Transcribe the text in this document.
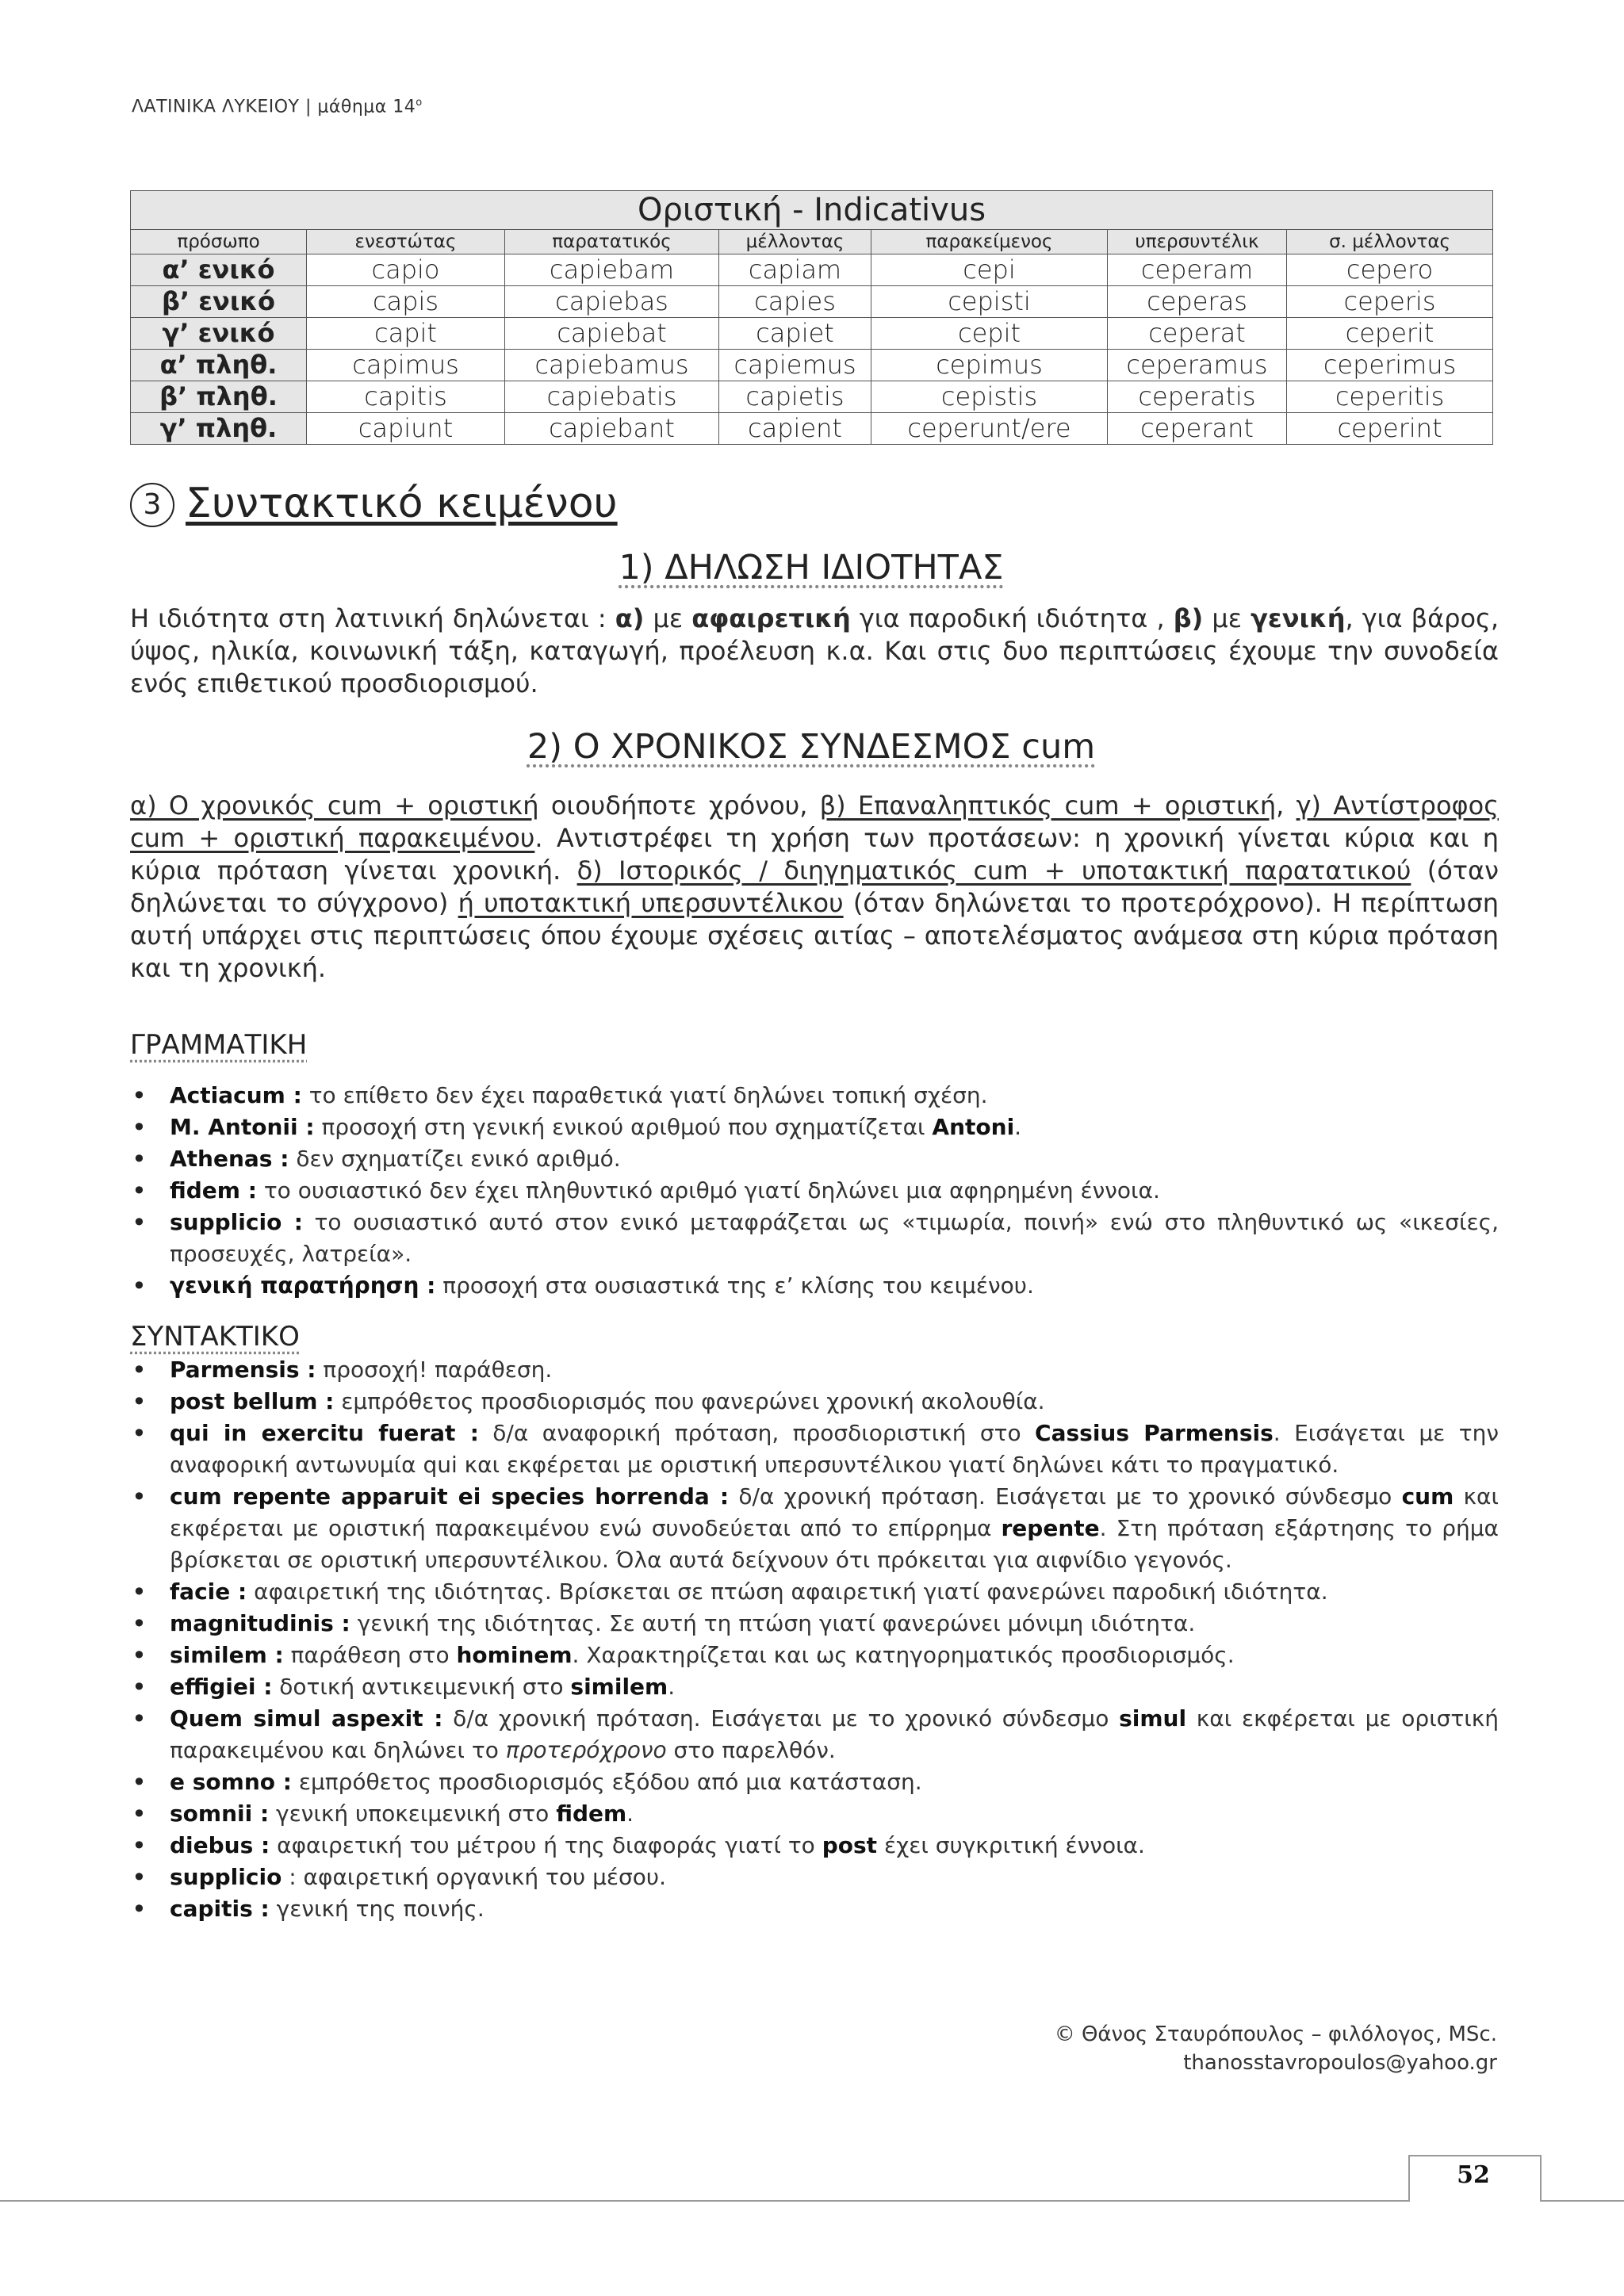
ΛΑΤΙΝΙΚΑ ΛΥΚΕΙΟΥ | μάθημα $14^o$
Οριστική - Indicativus						
πρόσωπο	ενεστώτας	παρατατικός	μέλλοντας	παρακείμενος	υπερσυντέλικ	σ. μέλλοντας
α’ ενικό	capio	capiebam	capiam	cepi	ceperam	cepero
β’ ενικό	capis	capiebas	capies	cepisti	ceperas	ceperis
γ’ ενικό	capit	capiebat	capiet	cepit	ceperat	ceperit
α’ πληθ.	capimus	capiebamus	capiemus	cepimus	ceperamus	ceperimus
β’ πληθ.	capitis	capiebatis	capietis	cepistis	ceperatis	ceperitis
γ’ πληθ.	capiunt	capiebant	capient	ceperunt/ere	ceperant	ceperint
3 Συντακτικό κειμένου
1) ΔΗΛΩΣΗ ΙΔΙΟΤΗΤΑΣ
Η ιδιότητα στη λατινική δηλώνεται : α) με αφαιρετική για παροδική ιδιότητα , β) με γενική, για βάρος, ύψος, ηλικία, κοινωνική τάξη, καταγωγή, προέλευση κ.α. Και στις δυο περιπτώσεις έχουμε την συνοδεία ενός επιθετικού προσδιορισμού.
2) Ο ΧΡΟΝΙΚΟΣ ΣΥΝΔΕΣΜΟΣ cum
α) Ο χρονικός cum + οριστική οιουδήποτε χρόνου, β) Επαναληπτικός cum + οριστική, γ) Αντίστροφος cum + οριστική παρακειμένου. Αντιστρέφει τη χρήση των προτάσεων: η χρονική γίνεται κύρια και η κύρια πρόταση γίνεται χρονική. δ) Ιστορικός / διηγηματικός cum + υποτακτική παρατατικού (όταν δηλώνεται το σύγχρονο) ή υποτακτική υπερσυντέλικου (όταν δηλώνεται το προτερόχρονο). Η περίπτωση αυτή υπάρχει στις περιπτώσεις όπου έχουμε σχέσεις αιτίας – αποτελέσματος ανάμεσα στη κύρια πρόταση και τη χρονική.
ΓΡΑΜΜΑΤΙΚΗ
• Actiacum : το επίθετο δεν έχει παραθετικά γιατί δηλώνει τοπική σχέση.
• M. Antonii : προσοχή στη γενική ενικού αριθμού που σχηματίζεται Antoni.
• Athenas : δεν σχηματίζει ενικό αριθμό.
• fidem : το ουσιαστικό δεν έχει πληθυντικό αριθμό γιατί δηλώνει μια αφηρημένη έννοια.
• supplicio : το ουσιαστικό αυτό στον ενικό μεταφράζεται ως «τιμωρία, ποινή» ενώ στο πληθυντικό ως «ικεσίες, προσευχές, λατρεία».
• γενική παρατήρηση : προσοχή στα ουσιαστικά της ε’ κλίσης του κειμένου.
ΣΥΝΤΑΚΤΙΚΟ
• Parmensis : προσοχή! παράθεση.
• post bellum : εμπρόθετος προσδιορισμός που φανερώνει χρονική ακολουθία.
• qui in exercitu fuerat : δ/α αναφορική πρόταση, προσδιοριστική στο Cassius Parmensis. Εισάγεται με την αναφορική αντωνυμία qui και εκφέρεται με οριστική υπερσυντέλικου γιατί δηλώνει κάτι το πραγματικό.
• cum repente apparuit ei species horrenda : δ/α χρονική πρόταση. Εισάγεται με το χρονικό σύνδεσμο cum και εκφέρεται με οριστική παρακειμένου ενώ συνοδεύεται από το επίρρημα repente. Στη πρόταση εξάρτησης το ρήμα βρίσκεται σε οριστική υπερσυντέλικου. Όλα αυτά δείχνουν ότι πρόκειται για αιφνίδιο γεγονός.
• facie : αφαιρετική της ιδιότητας. Βρίσκεται σε πτώση αφαιρετική γιατί φανερώνει παροδική ιδιότητα.
• magnitudinis : γενική της ιδιότητας. Σε αυτή τη πτώση γιατί φανερώνει μόνιμη ιδιότητα.
• similem : παράθεση στο hominem. Χαρακτηρίζεται και ως κατηγορηματικός προσδιορισμός.
• effigiei : δοτική αντικειμενική στο similem.
• Quem simul aspexit : δ/α χρονική πρόταση. Εισάγεται με το χρονικό σύνδεσμο simul και εκφέρεται με οριστική παρακειμένου και δηλώνει το προτερόχρονο στο παρελθόν.
• e somno : εμπρόθετος προσδιορισμός εξόδου από μια κατάσταση.
• somnii : γενική υποκειμενική στο fidem.
• diebus : αφαιρετική του μέτρου ή της διαφοράς γιατί το post έχει συγκριτική έννοια.
• supplicio : αφαιρετική οργανική του μέσου.
• capitis : γενική της ποινής.
© Θάνος Σταυρόπουλος – φιλόλογος, MSc.
thanosstavropoulos@yahoo.gr
52
